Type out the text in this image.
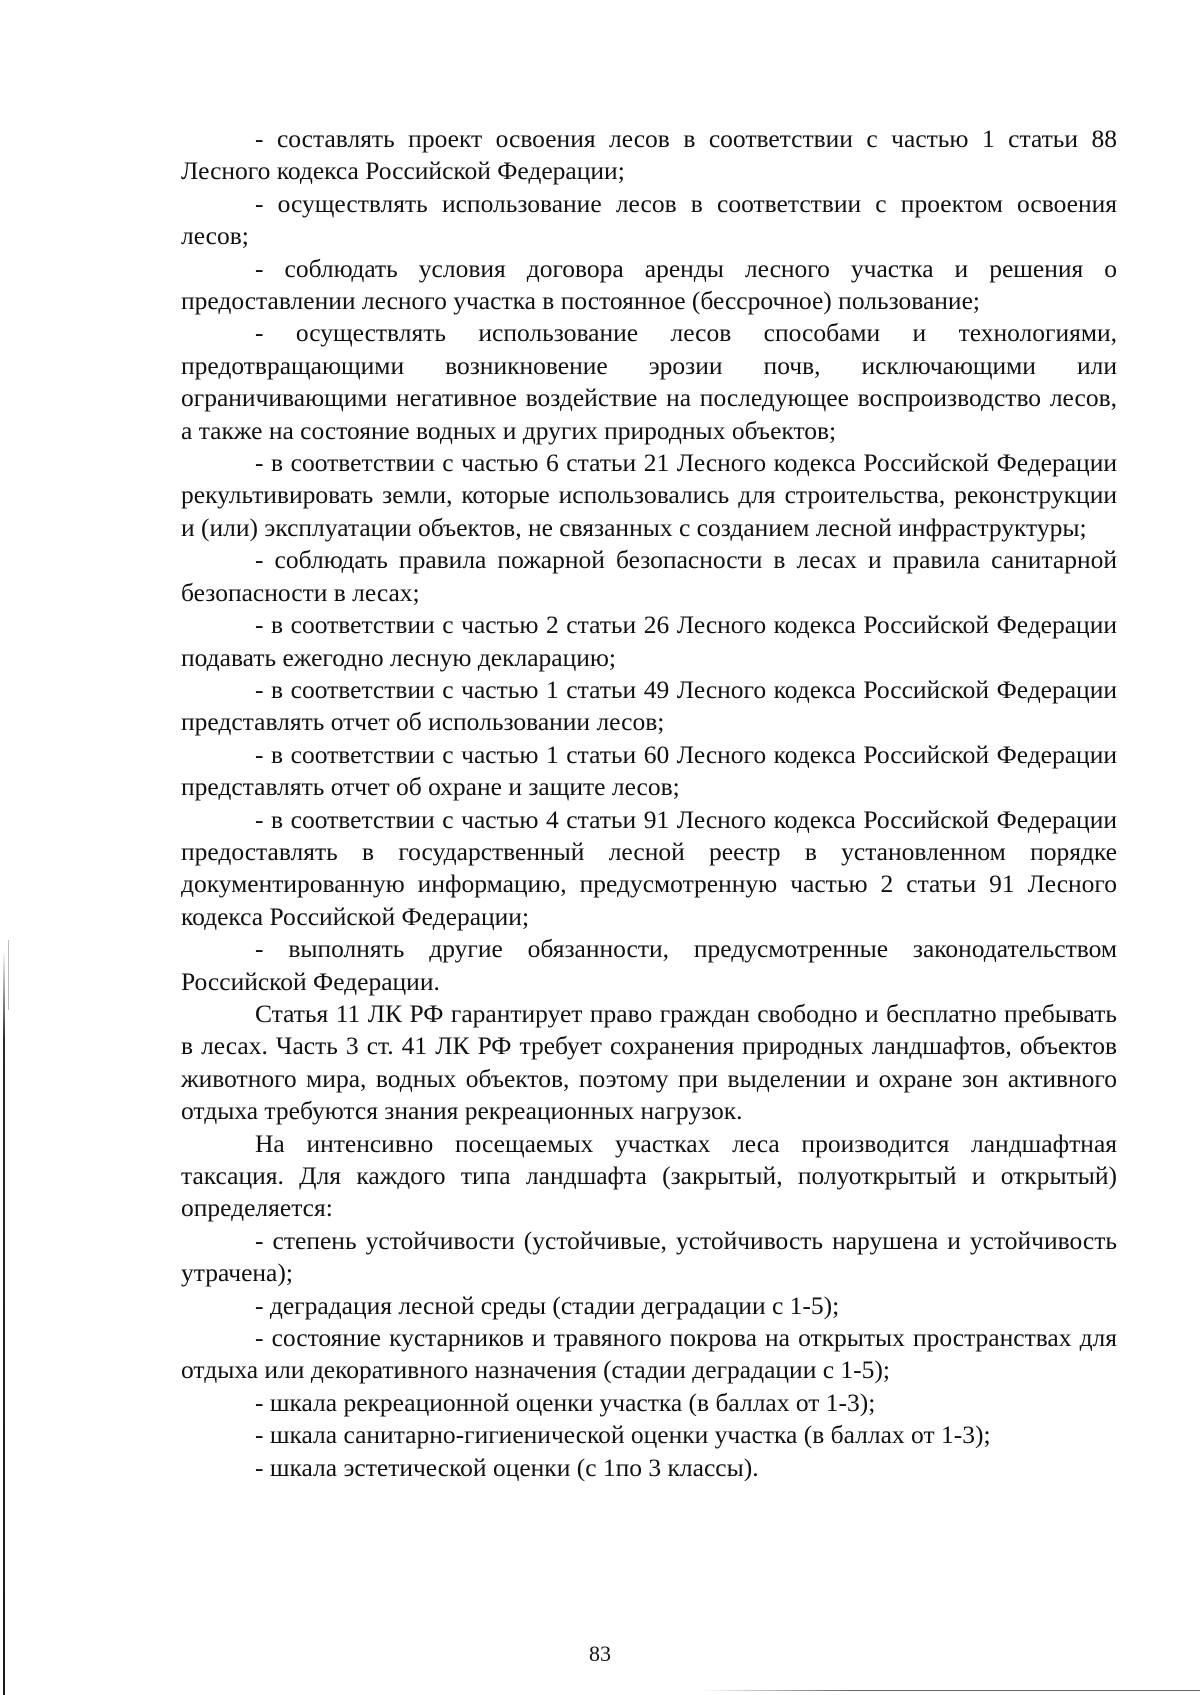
- составлять проект освоения лесов в соответствии с частью 1 статьи 88 Лесного кодекса Российской Федерации;

- осуществлять использование лесов в соответствии с проектом освоения лесов;

- соблюдать условия договора аренды лесного участка и решения о предоставлении лесного участка в постоянное (бессрочное) пользование;

- осуществлять использование лесов способами и технологиями, предотвращающими возникновение эрозии почв, исключающими или ограничивающими негативное воздействие на последующее воспроизводство лесов, а также на состояние водных и других природных объектов;

- в соответствии с частью 6 статьи 21 Лесного кодекса Российской Федерации рекультивировать земли, которые использовались для строительства, реконструкции и (или) эксплуатации объектов, не связанных с созданием лесной инфраструктуры;

- соблюдать правила пожарной безопасности в лесах и правила санитарной безопасности в лесах;

- в соответствии с частью 2 статьи 26 Лесного кодекса Российской Федерации подавать ежегодно лесную декларацию;

- в соответствии с частью 1 статьи 49 Лесного кодекса Российской Федерации представлять отчет об использовании лесов;

- в соответствии с частью 1 статьи 60 Лесного кодекса Российской Федерации представлять отчет об охране и защите лесов;

- в соответствии с частью 4 статьи 91 Лесного кодекса Российской Федерации предоставлять в государственный лесной реестр в установленном порядке документированную информацию, предусмотренную частью 2 статьи 91 Лесного кодекса Российской Федерации;

- выполнять другие обязанности, предусмотренные законодательством Российской Федерации.

Статья 11 ЛК РФ гарантирует право граждан свободно и бесплатно пребывать в лесах. Часть 3 ст. 41 ЛК РФ требует сохранения природных ландшафтов, объектов животного мира, водных объектов, поэтому при выделении и охране зон активного отдыха требуются знания рекреационных нагрузок.

На интенсивно посещаемых участках леса производится ландшафтная таксация. Для каждого типа ландшафта (закрытый, полуоткрытый и открытый) определяется:

- степень устойчивости (устойчивые, устойчивость нарушена и устойчивость утрачена);

- деградация лесной среды (стадии деградации с 1-5);

- состояние кустарников и травяного покрова на открытых пространствах для отдыха или декоративного назначения (стадии деградации с 1-5);

- шкала рекреационной оценки участка (в баллах от 1-3);

- шкала санитарно-гигиенической оценки участка (в баллах от 1-3);

- шкала эстетической оценки (с 1по 3 классы).

83
